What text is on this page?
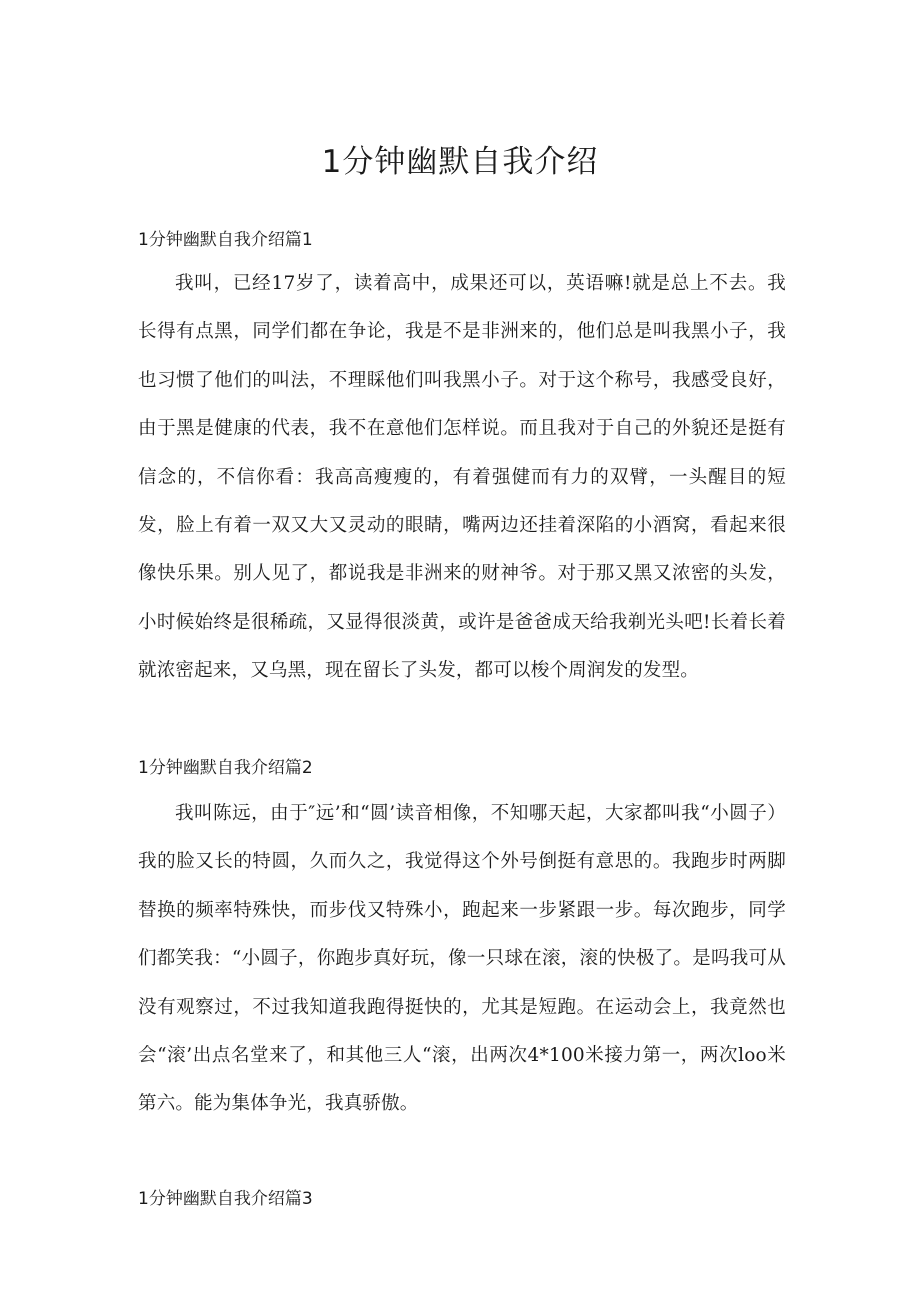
1分钟幽默自我介绍
1分钟幽默自我介绍篇1

我叫，已经17岁了，读着高中，成果还可以，英语嘛!就是总上不去。我长得有点黑，同学们都在争论，我是不是非洲来的，他们总是叫我黑小子，我也习惯了他们的叫法，不理睬他们叫我黑小子。对于这个称号，我感受良好，由于黑是健康的代表，我不在意他们怎样说。而且我对于自己的外貌还是挺有信念的，不信你看：我高高瘦瘦的，有着强健而有力的双臂，一头醒目的短发，脸上有着一双又大又灵动的眼睛，嘴两边还挂着深陷的小酒窝，看起来很像快乐果。别人见了，都说我是非洲来的财神爷。对于那又黑又浓密的头发，小时候始终是很稀疏，又显得很淡黄，或许是爸爸成天给我剃光头吧!长着长着就浓密起来，又乌黑，现在留长了头发，都可以梭个周润发的发型。

1分钟幽默自我介绍篇2

我叫陈远，由于″远’和“圆’读音相像，不知哪天起，大家都叫我“小圆子）我的脸又长的特圆，久而久之，我觉得这个外号倒挺有意思的。我跑步时两脚替换的频率特殊快，而步伐又特殊小，跑起来一步紧跟一步。每次跑步，同学们都笑我：“小圆子，你跑步真好玩，像一只球在滚，滚的快极了。是吗我可从没有观察过，不过我知道我跑得挺快的，尤其是短跑。在运动会上，我竟然也会“滚’出点名堂来了，和其他三人“滚，出两次4*100米接力第一，两次loo米第六。能为集体争光，我真骄傲。

1分钟幽默自我介绍篇3
